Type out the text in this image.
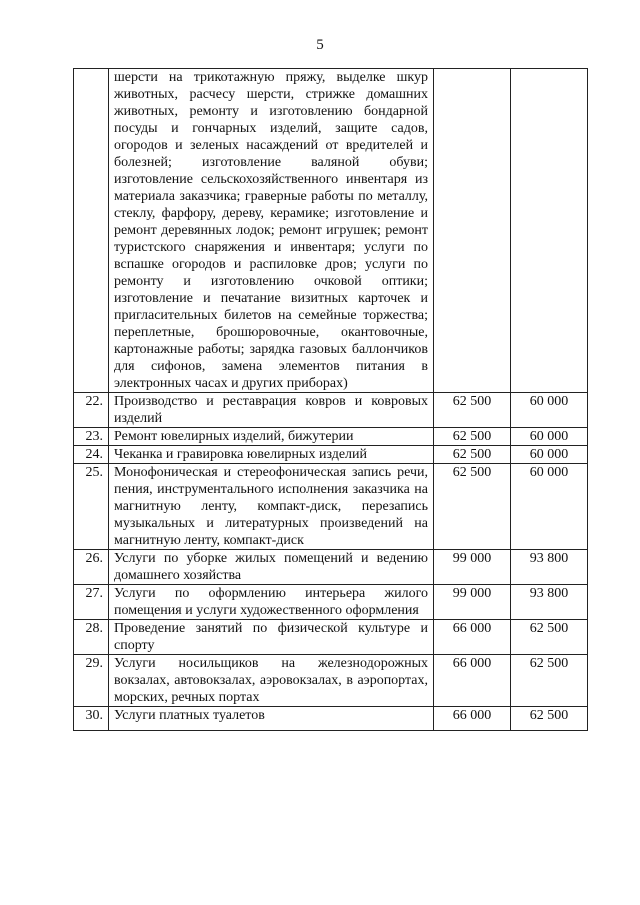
5
	шерсти на трикотажную пряжу, выделке шкур животных, расчесу шерсти, стрижке домашних животных, ремонту и изготовлению бондарной посуды и гончарных изделий, защите садов, огородов и зеленых насаждений от вредителей и болезней; изготовление валяной обуви; изготовление сельскохозяйственного инвентаря из материала заказчика; граверные работы по металлу, стеклу, фарфору, дереву, керамике; изготовление и ремонт деревянных лодок; ремонт игрушек; ремонт туристского снаряжения и инвентаря; услуги по вспашке огородов и распиловке дров; услуги по ремонту и изготовлению очковой оптики; изготовление и печатание визитных карточек и пригласительных билетов на семейные торжества; переплетные, брошюровочные, окантовочные, картонажные работы; зарядка газовых баллончиков для сифонов, замена элементов питания в электронных часах и других приборах)		
22.	Производство и реставрация ковров и ковровых изделий	62 500	60 000
23.	Ремонт ювелирных изделий, бижутерии	62 500	60 000
24.	Чеканка и гравировка ювелирных изделий	62 500	60 000
25.	Монофоническая и стереофоническая запись речи, пения, инструментального исполнения заказчика на магнитную ленту, компакт-диск, перезапись музыкальных и литературных произведений на магнитную ленту, компакт-диск	62 500	60 000
26.	Услуги по уборке жилых помещений и ведению домашнего хозяйства	99 000	93 800
27.	Услуги по оформлению интерьера жилого помещения и услуги художественного оформления	99 000	93 800
28.	Проведение занятий по физической культуре и спорту	66 000	62 500
29.	Услуги носильщиков на железнодорожных вокзалах, автовокзалах, аэровокзалах, в аэропортах, морских, речных портах	66 000	62 500
30.	Услуги платных туалетов	66 000	62 500
